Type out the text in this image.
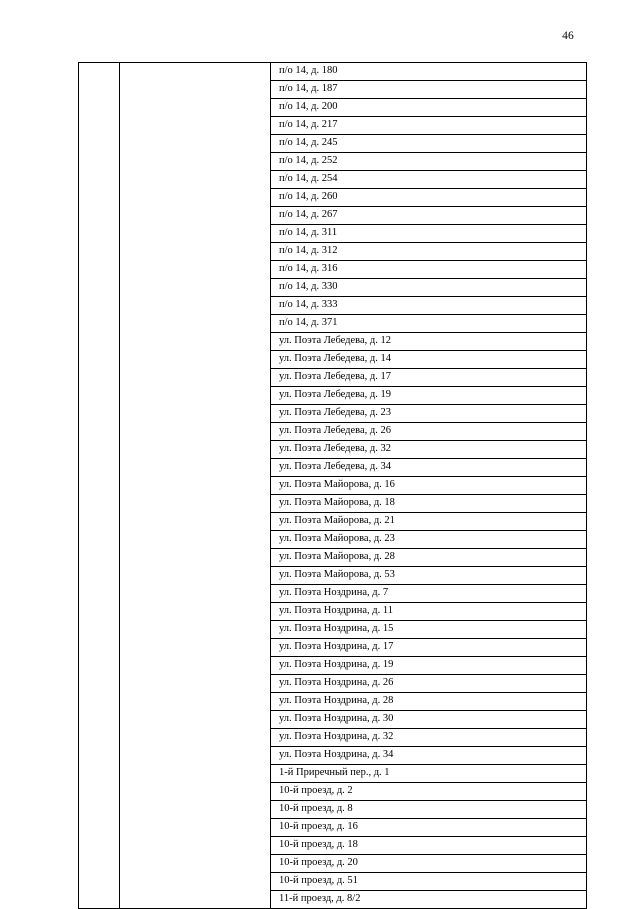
46

п/о 14, д. 180

п/о 14, д. 187

п/о 14, д. 200

п/о 14, д. 217

п/о 14, д. 245

п/о 14, д. 252

п/о 14, д. 254

п/о 14, д. 260

п/о 14, д. 267

п/о 14, д. 311

п/о 14, д. 312

п/о 14, д. 316

п/о 14, д. 330

п/о 14, д. 333

п/о 14, д. 371

ул. Поэта Лебедева, д. 12

ул. Поэта Лебедева, д. 14

ул. Поэта Лебедева, д. 17

ул. Поэта Лебедева, д. 19

ул. Поэта Лебедева, д. 23

ул. Поэта Лебедева, д. 26

ул. Поэта Лебедева, д. 32

ул. Поэта Лебедева, д. 34

ул. Поэта Майорова, д. 16

ул. Поэта Майорова, д. 18

ул. Поэта Майорова, д. 21

ул. Поэта Майорова, д. 23

ул. Поэта Майорова, д. 28

ул. Поэта Майорова, д. 53

ул. Поэта Ноздрина, д. 7

ул. Поэта Ноздрина, д. 11

ул. Поэта Ноздрина, д. 15

ул. Поэта Ноздрина, д. 17

ул. Поэта Ноздрина, д. 19

ул. Поэта Ноздрина, д. 26

ул. Поэта Ноздрина, д. 28

ул. Поэта Ноздрина, д. 30

ул. Поэта Ноздрина, д. 32

ул. Поэта Ноздрина, д. 34

1-й Приречный пер., д. 1

10-й проезд, д. 2

10-й проезд, д. 8

10-й проезд, д. 16

10-й проезд, д. 18

10-й проезд, д. 20

10-й проезд, д. 51

11-й проезд, д. 8/2
